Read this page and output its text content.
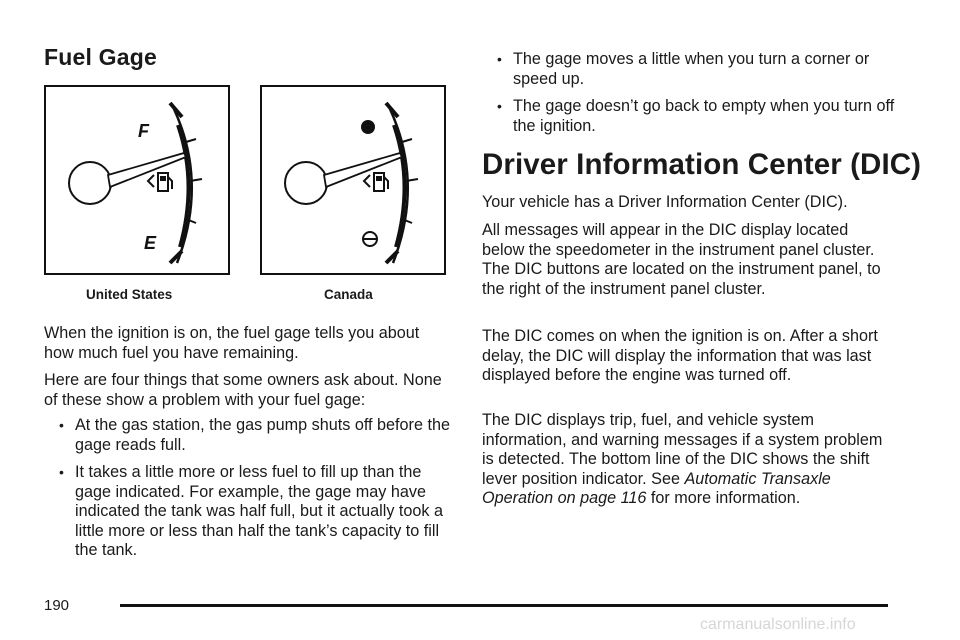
Fuel Gage
F
E
United States	Canada

When the ignition is on, the fuel gage tells you about how much fuel you have remaining.

Here are four things that some owners ask about. None of these show a problem with your fuel gage:

• At the gas station, the gas pump shuts off before the gage reads full.
• It takes a little more or less fuel to fill up than the gage indicated. For example, the gage may have indicated the tank was half full, but it actually took a little more or less than half the tank’s capacity to fill the tank.
• The gage moves a little when you turn a corner or speed up.
• The gage doesn’t go back to empty when you turn off the ignition.
Driver Information Center (DIC)

Your vehicle has a Driver Information Center (DIC).

All messages will appear in the DIC display located below the speedometer in the instrument panel cluster. The DIC buttons are located on the instrument panel, to the right of the instrument panel cluster.

The DIC comes on when the ignition is on. After a short delay, the DIC will display the information that was last displayed before the engine was turned off.

The DIC displays trip, fuel, and vehicle system information, and warning messages if a system problem is detected. The bottom line of the DIC shows the shift lever position indicator. See Automatic Transaxle Operation on page 116 for more information.

190
carmanualsonline.info
